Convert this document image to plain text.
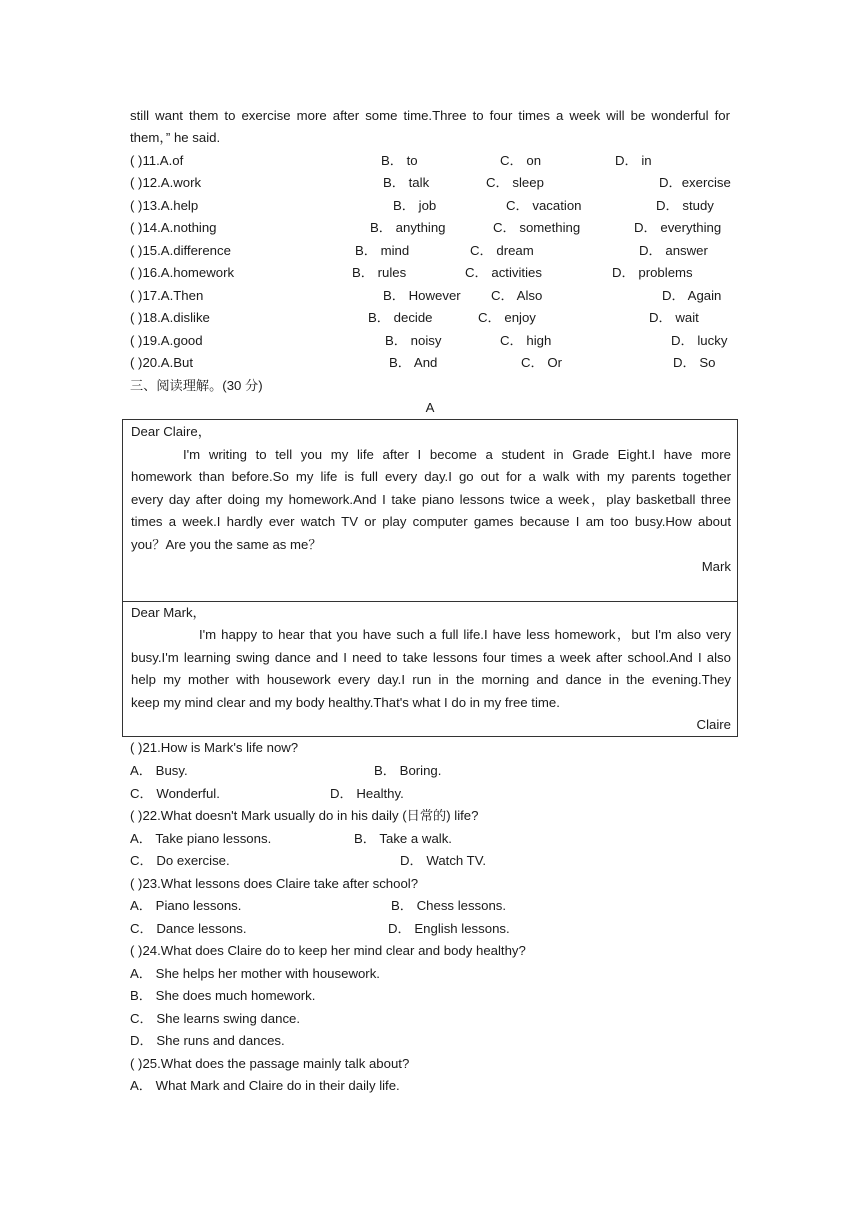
still want them to exercise more after some time.Three to four times a week will be wonderful for
them，” he said.
( )11.A.of	B． to	C． on	D． in
( )12.A.work	B． talk	C． sleep	D．exercise
( )13.A.help	B． job	C． vacation	D． study
( )14.A.nothing	B． anything	C． something	D． everything
( )15.A.difference	B． mind	C． dream	D． answer
( )16.A.homework	B． rules	C． activities	D． problems
( )17.A.Then	B． However C． Also	D． Again
( )18.A.dislike	B． decide	C． enjoy	D． wait
( )19.A.good	B． noisy	C． high	D． lucky
( )20.A.But	B． And	C． Or	D． So
三、阅读理解。(30 分)
A
Dear Claire，
I'm writing to tell you my life after I become a student in Grade Eight.I have more
homework than before.So my life is full every day.I go out for a walk with my parents together
every day after doing my homework.And I take piano lessons twice a week，play basketball three
times a week.I hardly ever watch TV or play computer games because I am too busy.How about
you？Are you the same as me？
Mark
Dear Mark，
I'm happy to hear that you have such a full life.I have less homework，but I'm also very
busy.I'm learning swing dance and I need to take lessons four times a week after school.And I also
help my mother with housework every day.I run in the morning and dance in the evening.They
keep my mind clear and my body healthy.That's what I do in my free time.
Claire
( )21.How is Mark's life now?
A． Busy.	B． Boring.
C． Wonderful.	D． Healthy.
( )22.What doesn't Mark usually do in his daily (日常的) life?
A． Take piano lessons.	B． Take a walk.
C． Do exercise.	D． Watch TV.
( )23.What lessons does Claire take after school?
A． Piano lessons.	B． Chess lessons.
C． Dance lessons.	D． English lessons.
( )24.What does Claire do to keep her mind clear and body healthy?
A． She helps her mother with housework.
B． She does much homework.
C． She learns swing dance.
D． She runs and dances.
( )25.What does the passage mainly talk about?
A． What Mark and Claire do in their daily life.
